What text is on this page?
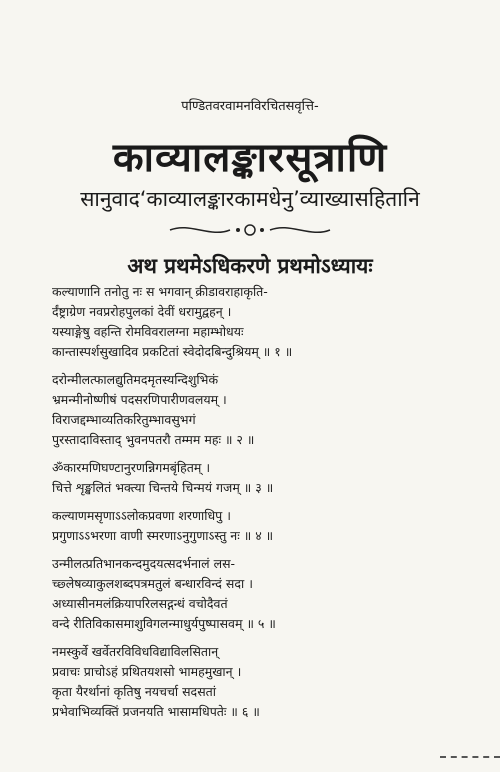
पण्डितवरवामनविरचितसवृत्ति-
काव्यालङ्कारसूत्राणि
सानुवाद‘काव्यालङ्कारकामधेनु’व्याख्यासहितानि
अथ प्रथमेऽधिकरणे प्रथमोऽध्यायः
कल्याणानि तनोतु नः स भगवान् क्रीडावराहाकृति-
र्दंष्ट्राग्रेण नवप्ररोहपुलकां देवीं धरामुद्वहन् ।
यस्याङ्गेषु वहन्ति रोमविवरालग्ना महाम्भोधयः
कान्तास्पर्शसुखादिव प्रकटितां स्वेदोदबिन्दुश्रियम् ॥ १ ॥
दरोन्मीलत्फालद्युतिमदमृतस्यन्दिशुभिकं
भ्रमन्मीनोष्णीषं पदसरणिपारीणवलयम् ।
विराजद्दम्भाव्यतिकरितुम्भावसुभगं
पुरस्तादाविस्ताद् भुवनपतरौ तम्मम महः ॥ २ ॥
ॐकारमणिघण्टानुरणन्निगमबृंहितम् ।
चित्ते शृङ्खलितं भक्त्या चिन्तये चिन्मयं गजम् ॥ ३ ॥
कल्याणमसृणाऽऽलोकप्रवणा शरणाधिपु ।
प्रगुणाऽऽभरणा वाणी स्मरणाऽनुगुणाऽस्तु नः ॥ ४ ॥
उन्मीलत्प्रतिभानकन्दमुदयत्सदर्भनालं लस-
च्छ्लेषव्याकुलशब्दपत्रमतुलं बन्धारविन्दं सदा ।
अध्यासीनमलंक्रियापरिलसद्गन्धं वचोदैवतं
वन्दे रीतिविकासमाशुविगलन्माधुर्यपुष्पासवम् ॥ ५ ॥
नमस्कुर्वे खर्वेतरविविधविद्याविलसितान्
प्रवाचः प्राचोऽहं प्रथितयशसो भामहमुखान् ।
कृता यैरर्थानां कृतिषु नयचर्चा सदसतां
प्रभेवाभिव्यक्तिं प्रजनयति भासामधिपतेः ॥ ६ ॥
